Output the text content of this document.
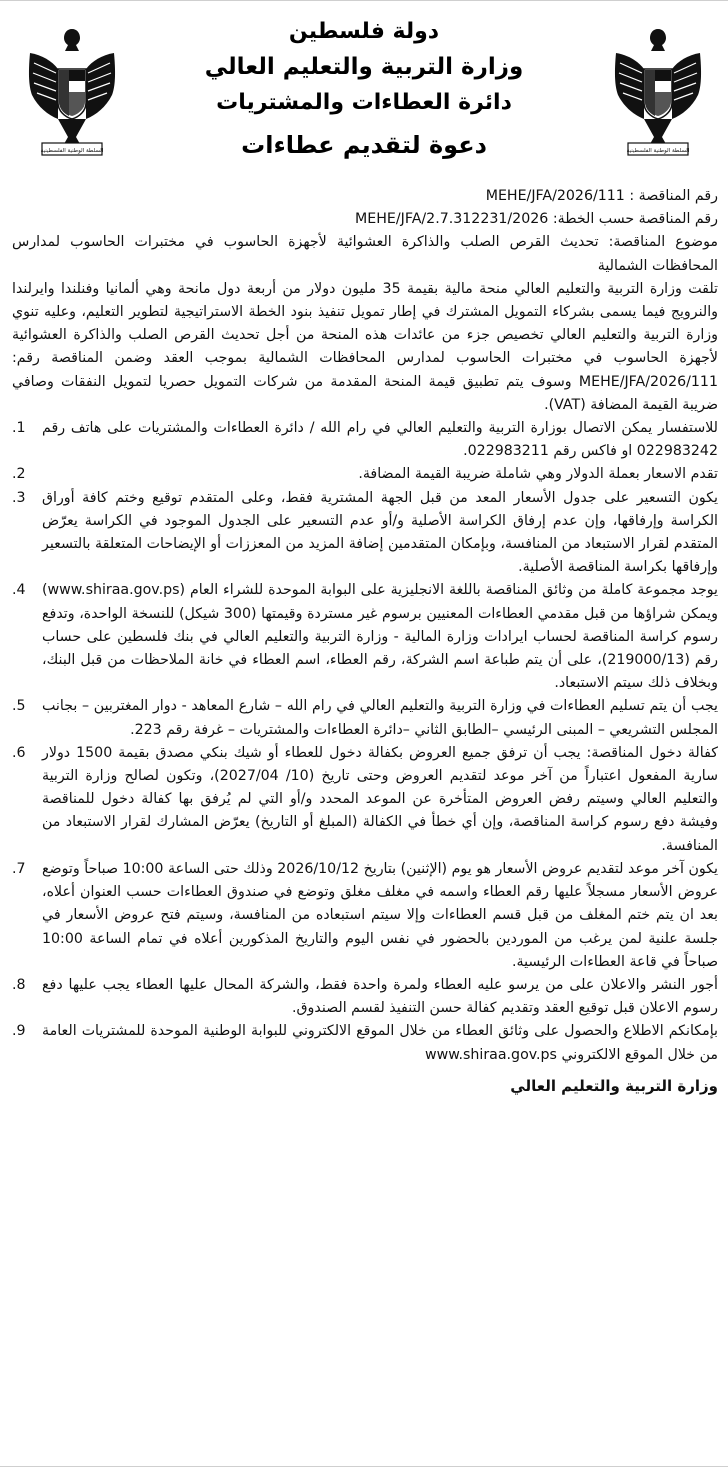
السلطة الوطنية الفلسطينية
السلطة الوطنية الفلسطينية
دولة فلسطين
وزارة التربية والتعليم العالي
دائرة العطاءات والمشتريات
دعوة لتقديم عطاءات

رقم المناقصة : MEHE/JFA/2026/111

رقم المناقصة حسب الخطة: MEHE/JFA/2.7.312231/2026

موضوع المناقصة: تحديث القرص الصلب والذاكرة العشوائية لأجهزة الحاسوب في مختبرات الحاسوب لمدارس المحافظات الشمالية

تلقت وزارة التربية والتعليم العالي منحة مالية بقيمة 35 مليون دولار من أربعة دول مانحة وهي ألمانيا وفنلندا وايرلندا والنرويج فيما يسمى بشركاء التمويل المشترك في إطار تمويل تنفيذ بنود الخطة الاستراتيجية لتطوير التعليم، وعليه تنوي وزارة التربية والتعليم العالي تخصيص جزء من عائدات هذه المنحة من أجل تحديث القرص الصلب والذاكرة العشوائية لأجهزة الحاسوب في مختبرات الحاسوب لمدارس المحافظات الشمالية بموجب العقد وضمن المناقصة رقم: MEHE/JFA/2026/111 وسوف يتم تطبيق قيمة المنحة المقدمة من شركات التمويل حصريا لتمويل النفقات وصافي ضريبة القيمة المضافة (VAT).

.1	للاستفسار يمكن الاتصال بوزارة التربية والتعليم العالي في رام الله / دائرة العطاءات والمشتريات على هاتف رقم 022983242 او فاكس رقم 022983211.
.2	تقدم الاسعار بعملة الدولار وهي شاملة ضريبة القيمة المضافة.
.3	يكون التسعير على جدول الأسعار المعد من قبل الجهة المشترية فقط، وعلى المتقدم توقيع وختم كافة أوراق الكراسة وإرفاقها، وإن عدم إرفاق الكراسة الأصلية و/أو عدم التسعير على الجدول الموجود في الكراسة يعرّض المتقدم لقرار الاستبعاد من المنافسة، وبإمكان المتقدمين إضافة المزيد من المعززات أو الإيضاحات المتعلقة بالتسعير وإرفاقها بكراسة المناقصة الأصلية.
.4	يوجد مجموعة كاملة من وثائق المناقصة باللغة الانجليزية على البوابة الموحدة للشراء العام (www.shiraa.gov.ps) ويمكن شراؤها من قبل مقدمي العطاءات المعنيين برسوم غير مستردة وقيمتها (300 شيكل) للنسخة الواحدة، وتدفع رسوم كراسة المناقصة لحساب ايرادات وزارة المالية - وزارة التربية والتعليم العالي في بنك فلسطين على حساب رقم (219000/13)، على أن يتم طباعة اسم الشركة، رقم العطاء، اسم العطاء في خانة الملاحظات من قبل البنك، وبخلاف ذلك سيتم الاستبعاد.
.5	يجب أن يتم تسليم العطاءات في وزارة التربية والتعليم العالي في رام الله – شارع المعاهد - دوار المغتربين – بجانب المجلس التشريعي – المبنى الرئيسي –الطابق الثاني –دائرة العطاءات والمشتريات – غرفة رقم 223.
.6	كفالة دخول المناقصة: يجب أن ترفق جميع العروض بكفالة دخول للعطاء أو شيك بنكي مصدق بقيمة 1500 دولار سارية المفعول اعتباراً من آخر موعد لتقديم العروض وحتى تاريخ (10/ 2027/04)، وتكون لصالح وزارة التربية والتعليم العالي وسيتم رفض العروض المتأخرة عن الموعد المحدد و/أو التي لم يُرفق بها كفالة دخول للمناقصة وفيشة دفع رسوم كراسة المناقصة، وإن أي خطأ في الكفالة (المبلغ أو التاريخ) يعرّض المشارك لقرار الاستبعاد من المنافسة.
.7	يكون آخر موعد لتقديم عروض الأسعار هو يوم (الإثنين) بتاريخ 2026/10/12 وذلك حتى الساعة 10:00 صباحاً وتوضع عروض الأسعار مسجلاً عليها رقم العطاء واسمه في مغلف مغلق وتوضع في صندوق العطاءات حسب العنوان أعلاه، بعد ان يتم ختم المغلف من قبل قسم العطاءات وإلا سيتم استبعاده من المنافسة، وسيتم فتح عروض الأسعار في جلسة علنية لمن يرغب من الموردين بالحضور في نفس اليوم والتاريخ المذكورين أعلاه في تمام الساعة 10:00 صباحاً في قاعة العطاءات الرئيسية.
.8	أجور النشر والاعلان على من يرسو عليه العطاء ولمرة واحدة فقط، والشركة المحال عليها العطاء يجب عليها دفع رسوم الاعلان قبل توقيع العقد وتقديم كفالة حسن التنفيذ لقسم الصندوق.
.9	بإمكانكم الاطلاع والحصول على وثائق العطاء من خلال الموقع الالكتروني للبوابة الوطنية الموحدة للمشتريات العامة من خلال الموقع الالكتروني www.shiraa.gov.ps

وزارة التربية والتعليم العالي
